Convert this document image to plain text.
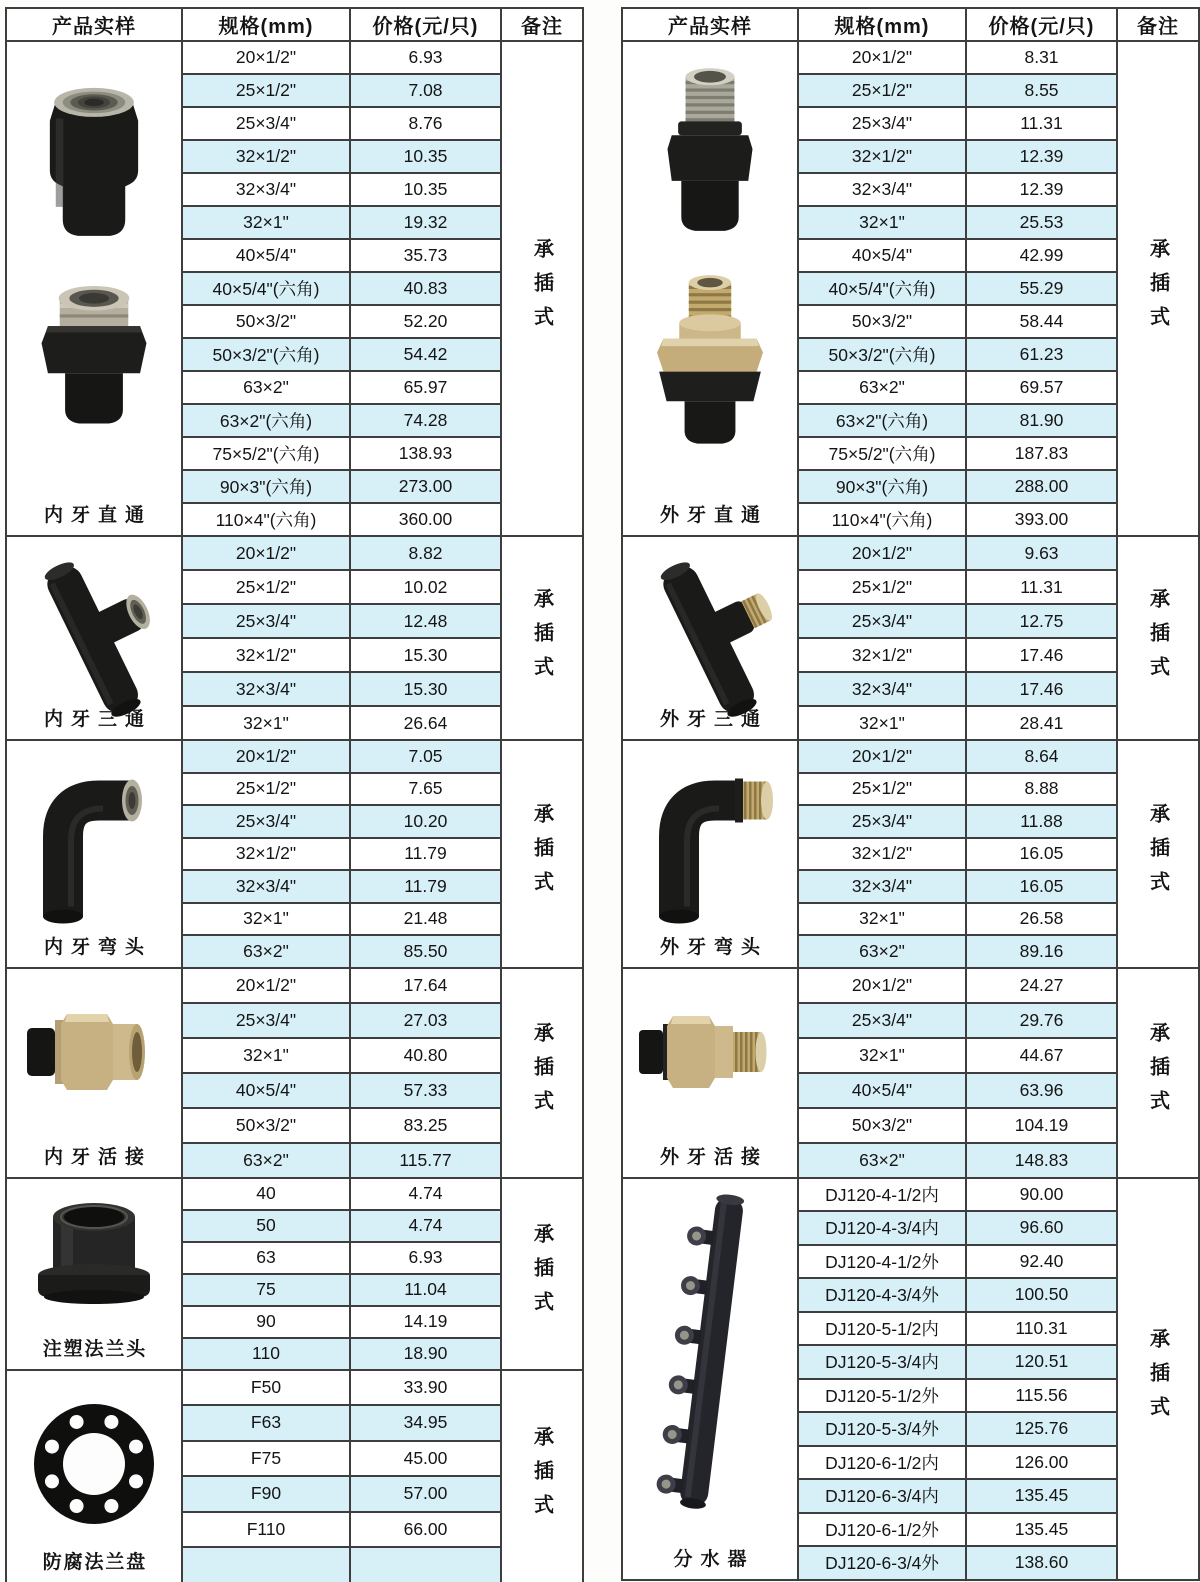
产品实样	规格(mm)	价格(元/只)	备注

内牙直通	20×1/2"	6.93	承插式
	25×1/2"	7.08	
	25×3/4"	8.76	
	32×1/2"	10.35	
	32×3/4"	10.35	
	32×1"	19.32	
	40×5/4"	35.73	
	40×5/4"(六角)	40.83	
	50×3/2"	52.20	
	50×3/2"(六角)	54.42	
	63×2"	65.97	
	63×2"(六角)	74.28	
	75×5/2"(六角)	138.93	
	90×3"(六角)	273.00	
	110×4"(六角)	360.00	

内牙三通	20×1/2"	8.82	承插式
	25×1/2"	10.02	
	25×3/4"	12.48	
	32×1/2"	15.30	
	32×3/4"	15.30	
	32×1"	26.64	

内牙弯头	20×1/2"	7.05	承插式
	25×1/2"	7.65	
	25×3/4"	10.20	
	32×1/2"	11.79	
	32×3/4"	11.79	
	32×1"	21.48	
	63×2"	85.50	

内牙活接	20×1/2"	17.64	承插式
	25×3/4"	27.03	
	32×1"	40.80	
	40×5/4"	57.33	
	50×3/2"	83.25	
	63×2"	115.77	

注塑法兰头	40	4.74	承插式
	50	4.74	
	63	6.93	
	75	11.04	
	90	14.19	
	110	18.90	

防腐法兰盘	F50	33.90	承插式
	F63	34.95	
	F75	45.00	
	F90	57.00	
	F110	66.00	

产品实样	规格(mm)	价格(元/只)	备注

外牙直通	20×1/2"	8.31	承插式
	25×1/2"	8.55	
	25×3/4"	11.31	
	32×1/2"	12.39	
	32×3/4"	12.39	
	32×1"	25.53	
	40×5/4"	42.99	
	40×5/4"(六角)	55.29	
	50×3/2"	58.44	
	50×3/2"(六角)	61.23	
	63×2"	69.57	
	63×2"(六角)	81.90	
	75×5/2"(六角)	187.83	
	90×3"(六角)	288.00	
	110×4"(六角)	393.00	

外牙三通	20×1/2"	9.63	承插式
	25×1/2"	11.31	
	25×3/4"	12.75	
	32×1/2"	17.46	
	32×3/4"	17.46	
	32×1"	28.41	

外牙弯头	20×1/2"	8.64	承插式
	25×1/2"	8.88	
	25×3/4"	11.88	
	32×1/2"	16.05	
	32×3/4"	16.05	
	32×1"	26.58	
	63×2"	89.16	

外牙活接	20×1/2"	24.27	承插式
	25×3/4"	29.76	
	32×1"	44.67	
	40×5/4"	63.96	
	50×3/2"	104.19	
	63×2"	148.83	

分水器	DJ120-4-1/2内	90.00	承插式
	DJ120-4-3/4内	96.60	
	DJ120-4-1/2外	92.40	
	DJ120-4-3/4外	100.50	
	DJ120-5-1/2内	110.31	
	DJ120-5-3/4内	120.51	
	DJ120-5-1/2外	115.56	
	DJ120-5-3/4外	125.76	
	DJ120-6-1/2内	126.00	
	DJ120-6-3/4内	135.45	
	DJ120-6-1/2外	135.45	
	DJ120-6-3/4外	138.60	
